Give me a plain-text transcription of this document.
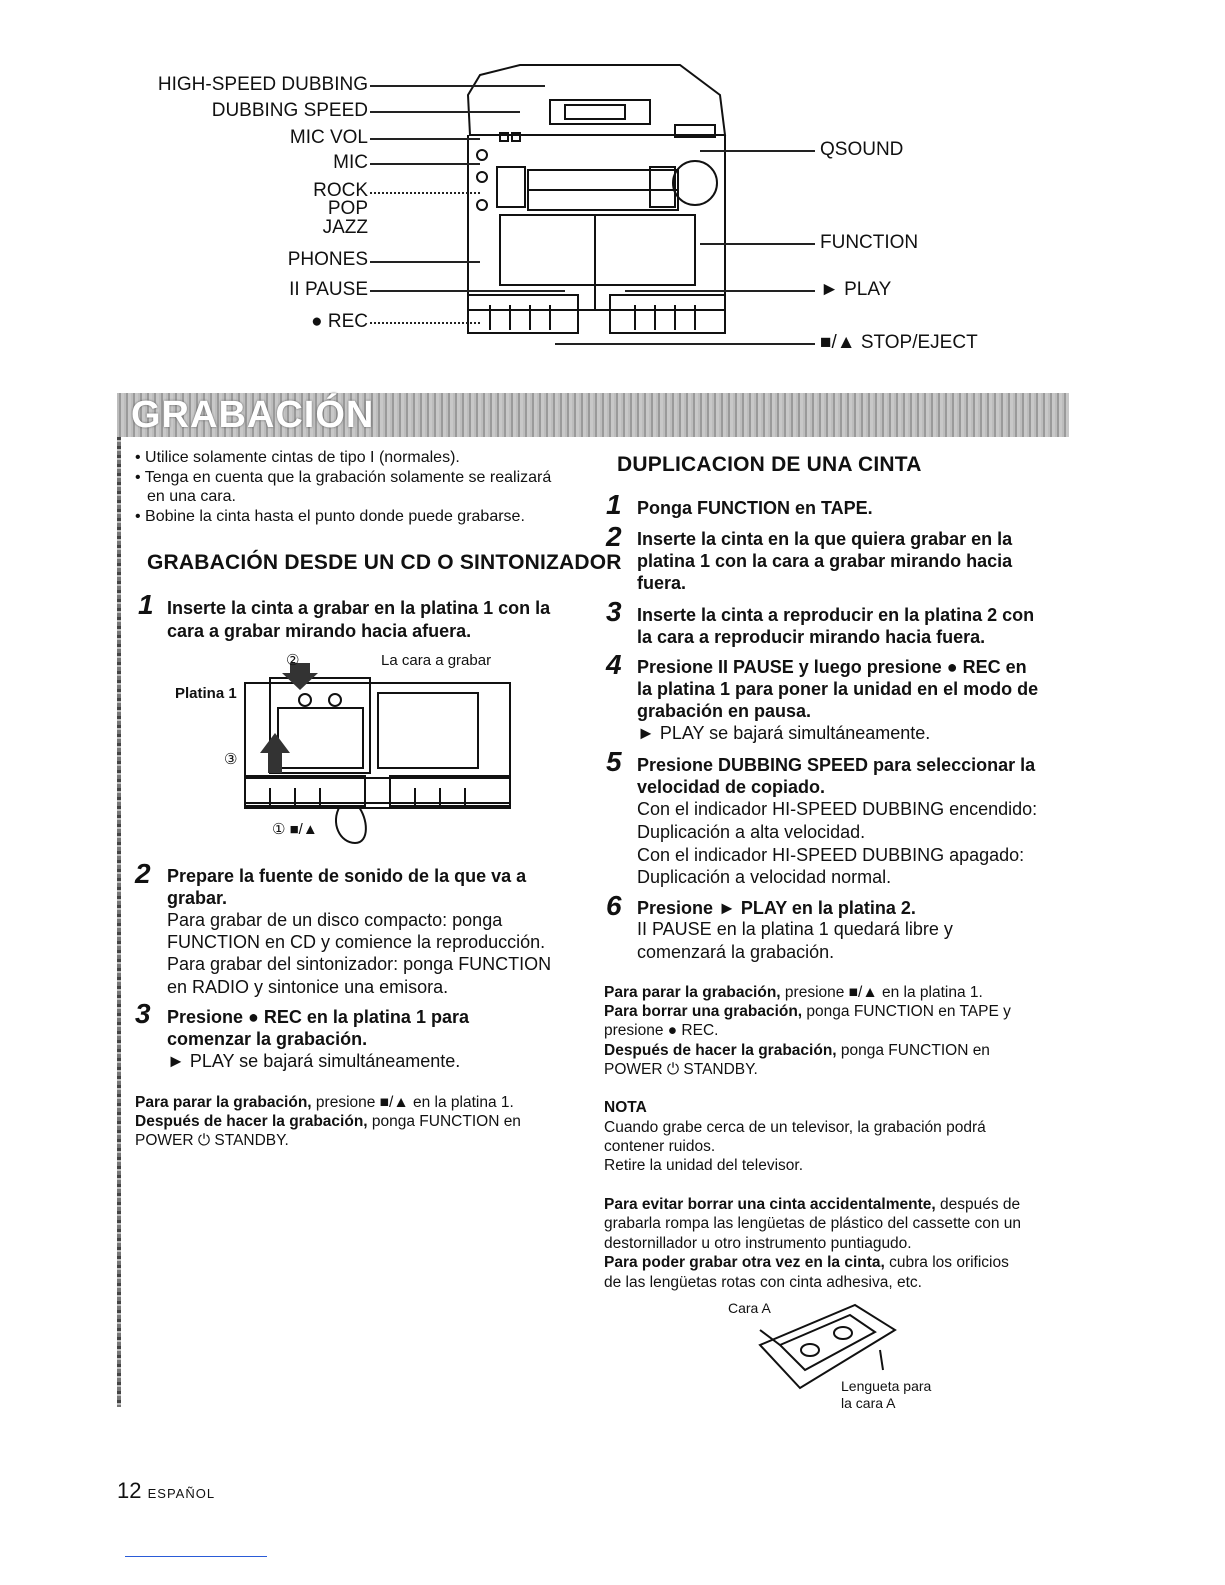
HIGH-SPEED DUBBING
DUBBING SPEED
MIC VOL
MIC
ROCK
POP
JAZZ
PHONES
II PAUSE
● REC
QSOUND
FUNCTION
► PLAY
■/▲ STOP/EJECT
GRABACIÓN
• Utilice solamente cintas de tipo I (normales).
• Tenga en cuenta que la grabación solamente se realizará
en una cara.
• Bobine la cinta hasta el punto donde puede grabarse.
GRABACIÓN DESDE UN CD O SINTONIZADOR
1 Inserte la cinta a grabar en la platina 1 con la
cara a grabar mirando hacia afuera.
La cara a grabar
Platina 1
②
③
① ■/▲
2 Prepare la fuente de sonido de la que va a
grabar.
Para grabar de un disco compacto: ponga
FUNCTION en CD y comience la reproducción.
Para grabar del sintonizador: ponga FUNCTION
en RADIO y sintonice una emisora.
3 Presione ● REC en la platina 1 para
comenzar la grabación.
► PLAY se bajará simultáneamente.
Para parar la grabación, presione ■/▲ en la platina 1.
Después de hacer la grabación, ponga FUNCTION en
POWER ⏻ STANDBY.
DUPLICACION DE UNA CINTA
1 Ponga FUNCTION en TAPE.
2 Inserte la cinta en la que quiera grabar en la
platina 1 con la cara a grabar mirando hacia
fuera.
3 Inserte la cinta a reproducir en la platina 2 con
la cara a reproducir mirando hacia fuera.
4 Presione II PAUSE y luego presione ● REC en
la platina 1 para poner la unidad en el modo de
grabación en pausa.
► PLAY se bajará simultáneamente.
5 Presione DUBBING SPEED para seleccionar la
velocidad de copiado.
Con el indicador HI-SPEED DUBBING encendido:
Duplicación a alta velocidad.
Con el indicador HI-SPEED DUBBING apagado:
Duplicación a velocidad normal.
6 Presione ► PLAY en la platina 2.
II PAUSE en la platina 1 quedará libre y
comenzará la grabación.
Para parar la grabación, presione ■/▲ en la platina 1.
Para borrar una grabación, ponga FUNCTION en TAPE y
presione ● REC.
Después de hacer la grabación, ponga FUNCTION en
POWER ⏻ STANDBY.
NOTA
Cuando grabe cerca de un televisor, la grabación podrá
contener ruidos.
Retire la unidad del televisor.
Para evitar borrar una cinta accidentalmente, después de
grabarla rompa las lengüetas de plástico del cassette con un
destornillador u otro instrumento puntiagudo.
Para poder grabar otra vez en la cinta, cubra los orificios
de las lengüetas rotas con cinta adhesiva, etc.
Cara A
Lengueta para
la cara A
12 ESPAÑOL
